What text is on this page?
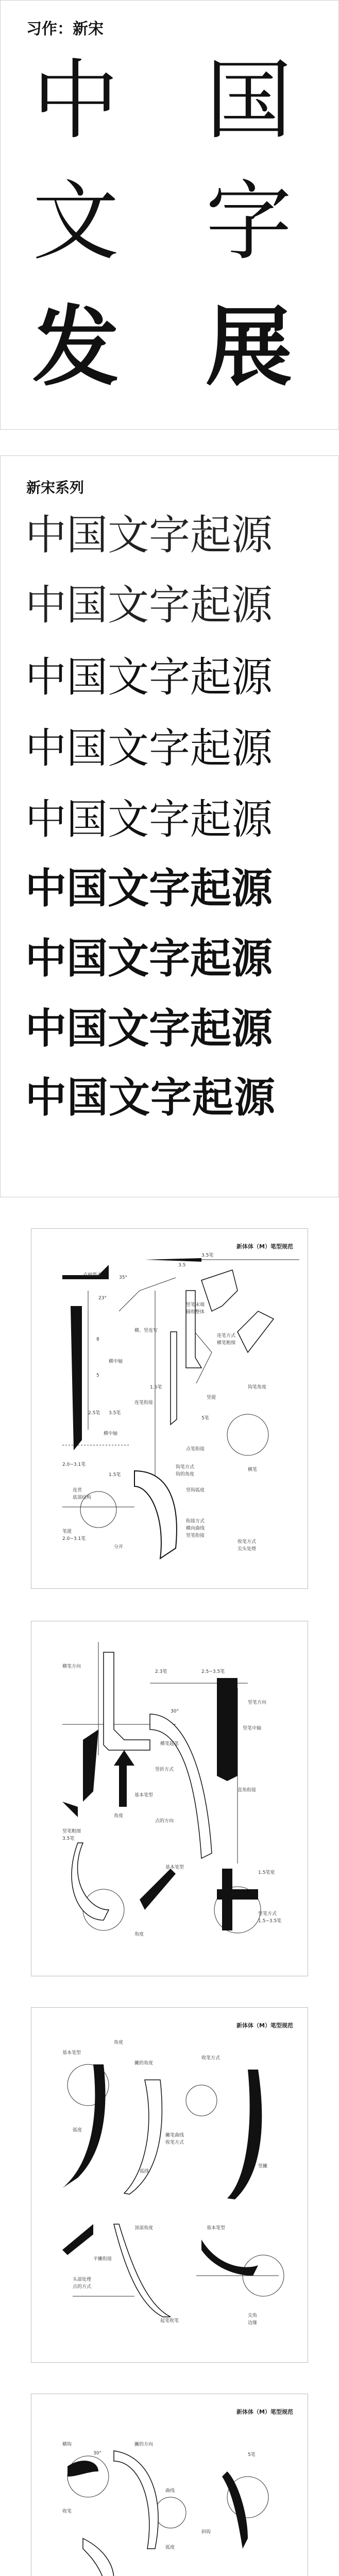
习作：新宋
中 国
文 字
发 展
新宋系列
中国文字起源
中国文字起源
中国文字起源
中国文字起源
中国文字起源
中国文字起源
中国文字起源
中国文字起源
中国文字起源
新体体（M）笔型规范
点画要点	35°
23°
3.5笔
3.5
竖笔末端
圆收整体
横、竖连写
8
横中轴
5
1.5笔
竖提
连笔衔接
2.5笔 3.5笔
5笔
横中轴
2.0~3.1笔
1.5笔
连贯
底部结构
点笔衔接
连笔方式
横笔粗细
钩笔方式
钩的角度
钩笔角度
竖钩弧度
笔提
2.0~3.1笔
分开
横笔
衔接方式
横向曲线
竖笔衔接
收笔方式
尖头处理
横笔方向
2.3笔	2.5~3.5笔
竖笔方向
30°
竖笔中轴
横笔起笔
竖折方式
直角衔接
基本笔型
点的方向
角度
竖笔粗细
3.5笔
基本笔型
1.5笔宽
竖笔方式
1.5~3.5笔
角度
新体体（M）笔型规范
基本笔型
角度
收笔方式
撇的角度
弧度
撇笔曲线
收笔方式
弧线
竖撇
顶部角度	基本笔型
平撇衔接
头部处理
点的方式
起笔收笔
尖角
边缘
新体体（M）笔型规范
横钩
30°	5笔
撇的方向
收笔
曲线
斜钩
弧度
